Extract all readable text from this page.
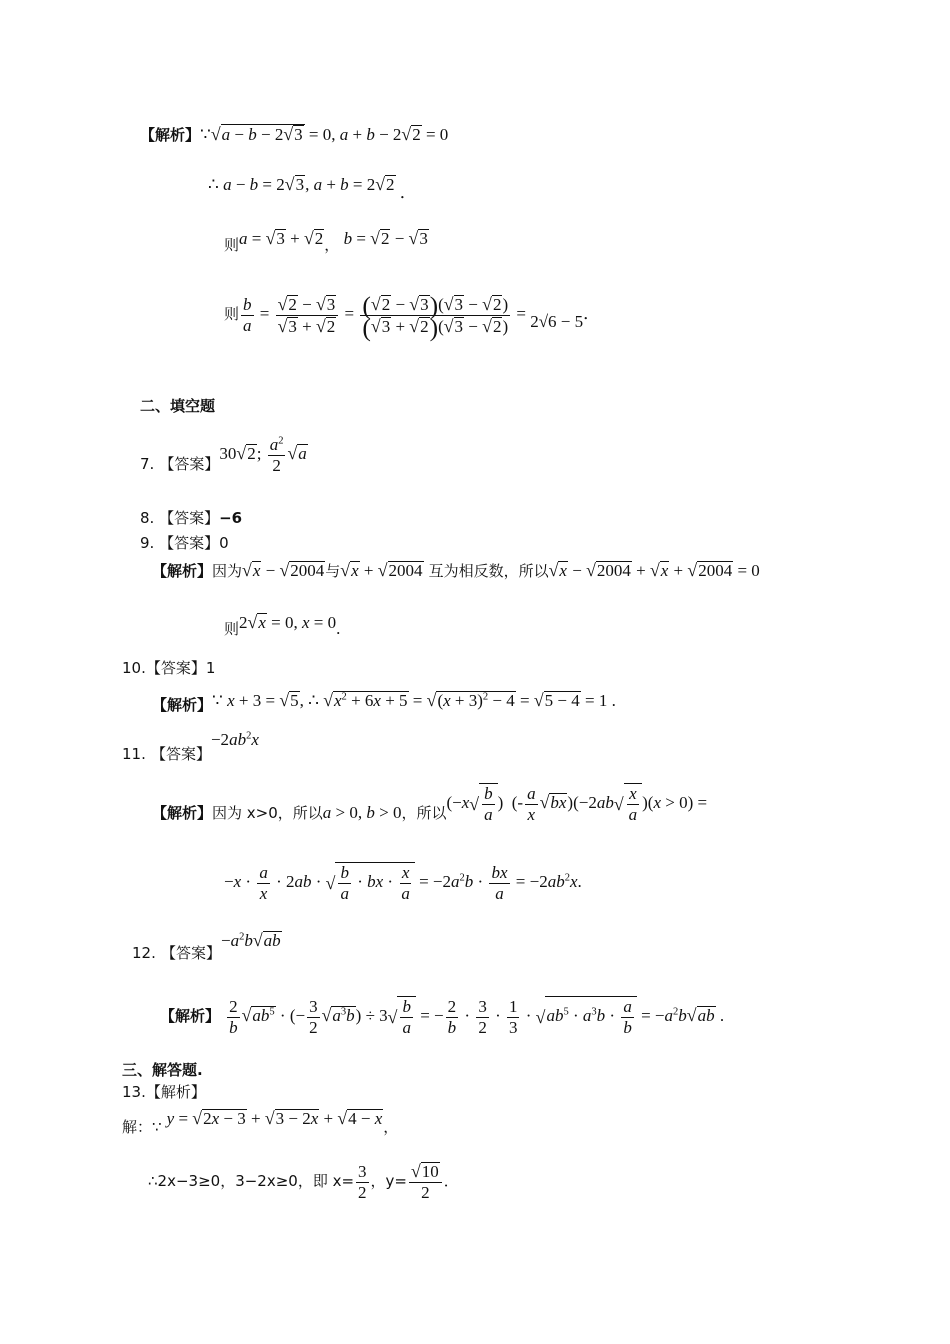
【解析】∵√a − b − 2√3 = 0, a + b − 2√2 = 0
∴ a − b = 2√3, a + b = 2√2 ．
则a = √3 + √2， b = √2 − √3
则 $\frac{b}{a} = \frac{√2 - √3}{√3 + √2} = \frac{(√2 - √3)(√3 - √2)}{(√3 + √2)(√3 - √2)} = 2√6 - 5$．
二、填空题
7. 【答案】30√2; $\frac{a^2}{2} √a$
8. 【答案】−6
9. 【答案】0
【解析】因为√x − √2004与√x + √2004 互为相反数，所以√x − √2004 + √x + √2004 = 0
则2√x = 0, x = 0.
10.【答案】1
【解析】∵ x + 3 = √5, ∴ $√x^2 + 6x + 5 = √(x + 3)^2 - 4 = √5 - 4 = 1$ .
11. 【答案】$-2ab^2x$
【解析】因为 x>0，所以a > 0, b > 0，所以($-x√ \frac{b}{a}$ )  (- $\frac{a}{x} √bx)(-2ab√ \frac{x}{a} )(x > 0)$ =
$-x \cdot \frac{a}{x} \cdot 2ab$ · √ $\frac{b}{a}$ · bx · $\frac{x}{a} = -2a^2b \cdot \frac{bx}{a} = -2ab^2x$.
12. 【答案】$-a^2b√ab$
【解析】 $\frac{2}{b} √ab^5$ · (− $\frac{3}{2} √a^3b) \div 3√ \frac{b}{a}$ = − $\frac{2}{b} \cdot \frac{3}{2} \cdot \frac{1}{3} \cdot √ab^5 \cdot a^3b \cdot \frac{a}{b} = -a^2b√ab$ .
三、解答题.
13.【解析】
解：∵ y = √2x − 3 + √3 − 2x + √4 − x，
∴2x−3≥0，3−2x≥0，即 $x= \frac{3}{2}$ ，$y= \frac{√10}{2}$ ．
